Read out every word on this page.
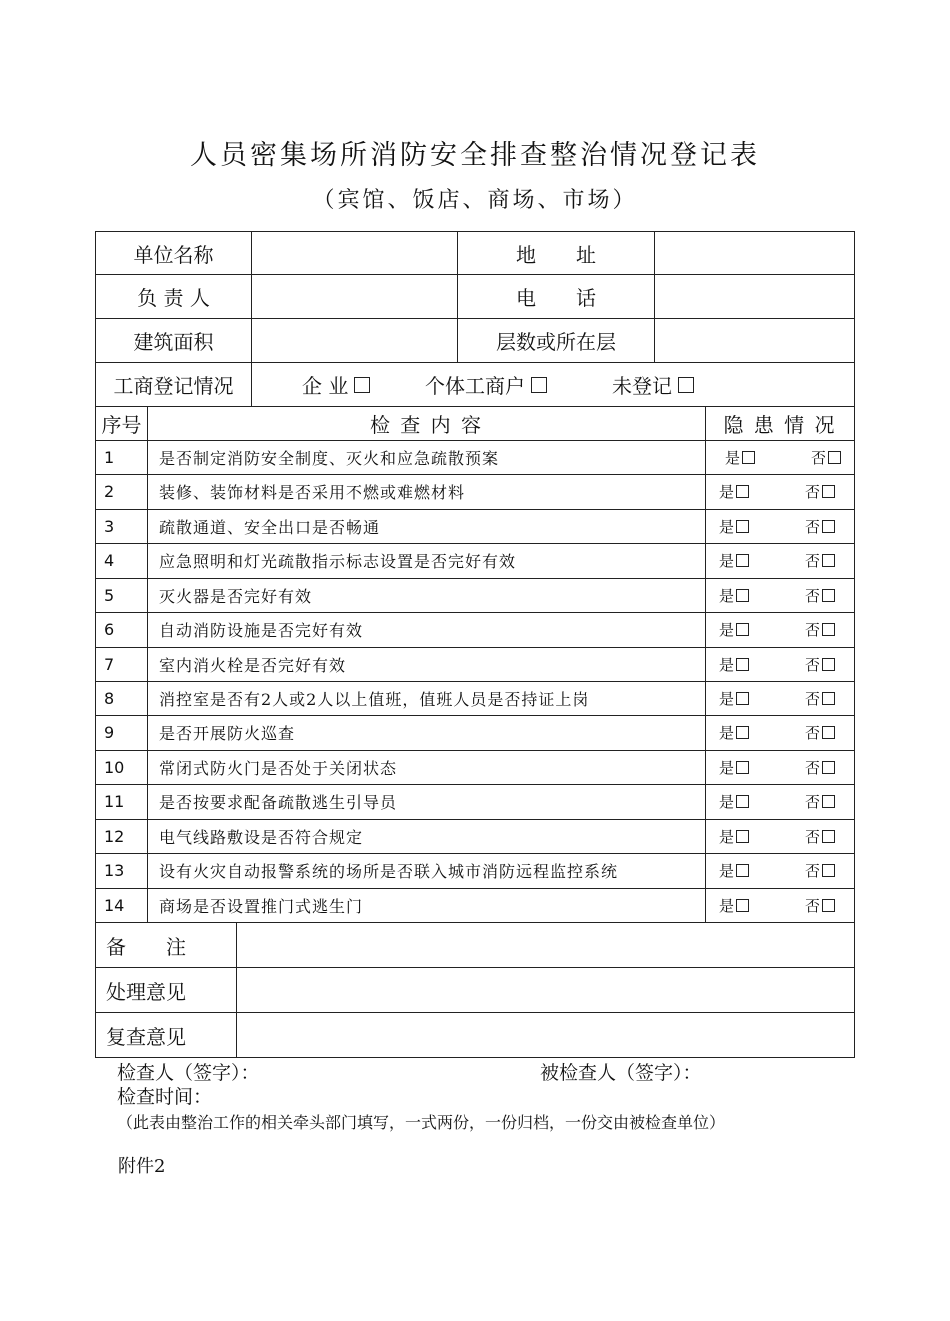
人员密集场所消防安全排查整治情况登记表
（宾馆、饭店、商场、市场）
单位名称	地　　址
负 责 人	电　　话
建筑面积	层数或所在层
工商登记情况	企 业	个体工商户	未登记
序号	检 查 内 容	隐 患 情 况
1	是否制定消防安全制度、灭火和应急疏散预案	是	否
2	装修、装饰材料是否采用不燃或难燃材料	是	否
3	疏散通道、安全出口是否畅通	是	否
4	应急照明和灯光疏散指示标志设置是否完好有效	是	否
5	灭火器是否完好有效	是	否
6	自动消防设施是否完好有效	是	否
7	室内消火栓是否完好有效	是	否
8	消控室是否有2人或2人以上值班，值班人员是否持证上岗	是	否
9	是否开展防火巡查	是	否
10	常闭式防火门是否处于关闭状态	是	否
11	是否按要求配备疏散逃生引导员	是	否
12	电气线路敷设是否符合规定	是	否
13	设有火灾自动报警系统的场所是否联入城市消防远程监控系统	是	否
14	商场是否设置推门式逃生门	是	否
备　　注
处理意见
复查意见
检查人（签字）：	被检查人（签字）：
检查时间：
（此表由整治工作的相关牵头部门填写，一式两份，一份归档，一份交由被检查单位）
附件2
